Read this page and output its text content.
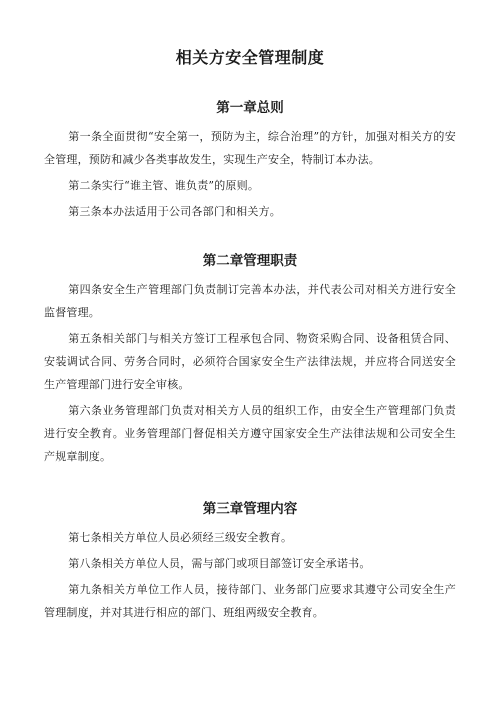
相关方安全管理制度
第一章总则

第一条全面贯彻“安全第一，预防为主，综合治理”的方针，加强对相关方的安全管理，预防和减少各类事故发生，实现生产安全，特制订本办法。

第二条实行“谁主管、谁负责”的原则。

第三条本办法适用于公司各部门和相关方。

第二章管理职责

第四条安全生产管理部门负责制订完善本办法，并代表公司对相关方进行安全监督管理。

第五条相关部门与相关方签订工程承包合同、物资采购合同、设备租赁合同、安装调试合同、劳务合同时，必须符合国家安全生产法律法规，并应将合同送安全生产管理部门进行安全审核。

第六条业务管理部门负责对相关方人员的组织工作，由安全生产管理部门负责进行安全教育。业务管理部门督促相关方遵守国家安全生产法律法规和公司安全生产规章制度。

第三章管理内容

第七条相关方单位人员必须经三级安全教育。

第八条相关方单位人员，需与部门或项目部签订安全承诺书。

第九条相关方单位工作人员，接待部门、业务部门应要求其遵守公司安全生产管理制度，并对其进行相应的部门、班组两级安全教育。
